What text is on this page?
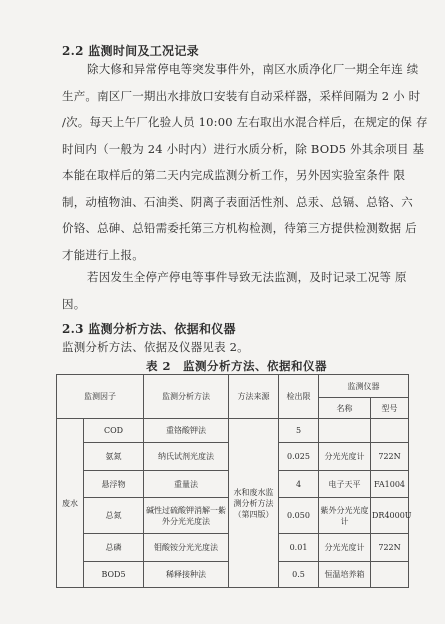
2.2 监测时间及工况记录
除大修和异常停电等突发事件外，南区水质净化厂一期全年连 续
生产。南区厂一期出水排放口安装有自动采样器，采样间隔为 2 小 时
/次。每天上午厂化验人员 10:00 左右取出水混合样后，在规定的保 存
时间内（一般为 24 小时内）进行水质分析，除 BOD5 外其余项目 基
本能在取样后的第二天内完成监测分析工作，另外因实验室条件 限
制，动植物油、石油类、阴离子表面活性剂、总汞、总镉、总铬、六
价铬、总砷、总铅需委托第三方机构检测，待第三方提供检测数据 后
才能进行上报。
若因发生全停产停电等事件导致无法监测，及时记录工况等 原
因。
2.3 监测分析方法、依据和仪器
监测分析方法、依据及仪器见表 2。
表 2　监测分析方法、依据和仪器
监测因子		监测分析方法	方法来源	检出限	监测仪器	
					名称	型号
废水	COD	重铬酸钾法	水和废水监测分析方法（第四版）	5		
	氨氮	纳氏试剂光度法		0.025	分光光度计	722N
	悬浮物	重量法		4	电子天平	FA1004
	总氮	碱性过硫酸钾消解一紫外分光光度法		0.050	紫外分光光度计	DR4000U
	总磷	钼酸铵分光光度法		0.01	分光光度计	722N
	BOD5	稀释接种法		0.5	恒温培养箱	
